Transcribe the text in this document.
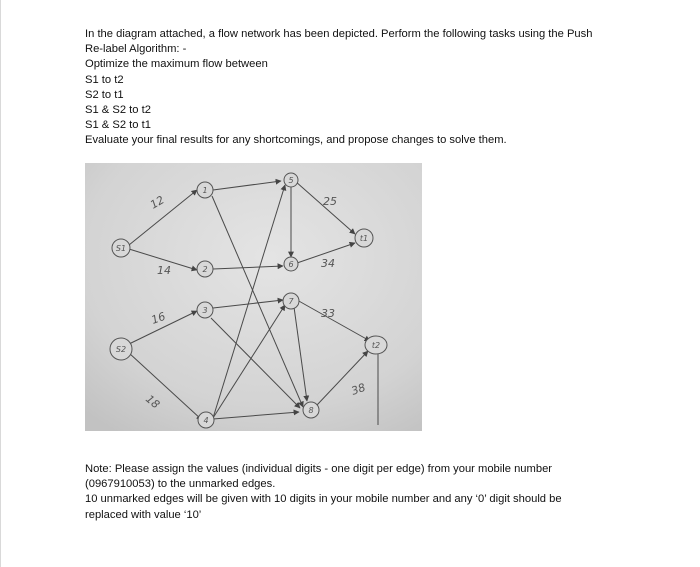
In the diagram attached, a flow network has been depicted. Perform the following tasks using the Push
Re-label Algorithm: -
Optimize the maximum flow between
S1 to t2
S2 to t1
S1 & S2 to t2
S1 & S2 to t1
Evaluate your final results for any shortcomings, and propose changes to solve them.
S1
S2
1
2
3
4
5
6
7
8
t1
t2
12
14
16
18
25
34
33
38
Note: Please assign the values (individual digits - one digit per edge) from your mobile number
(0967910053) to the unmarked edges.
10 unmarked edges will be given with 10 digits in your mobile number and any ‘0’ digit should be
replaced with value ‘10’
